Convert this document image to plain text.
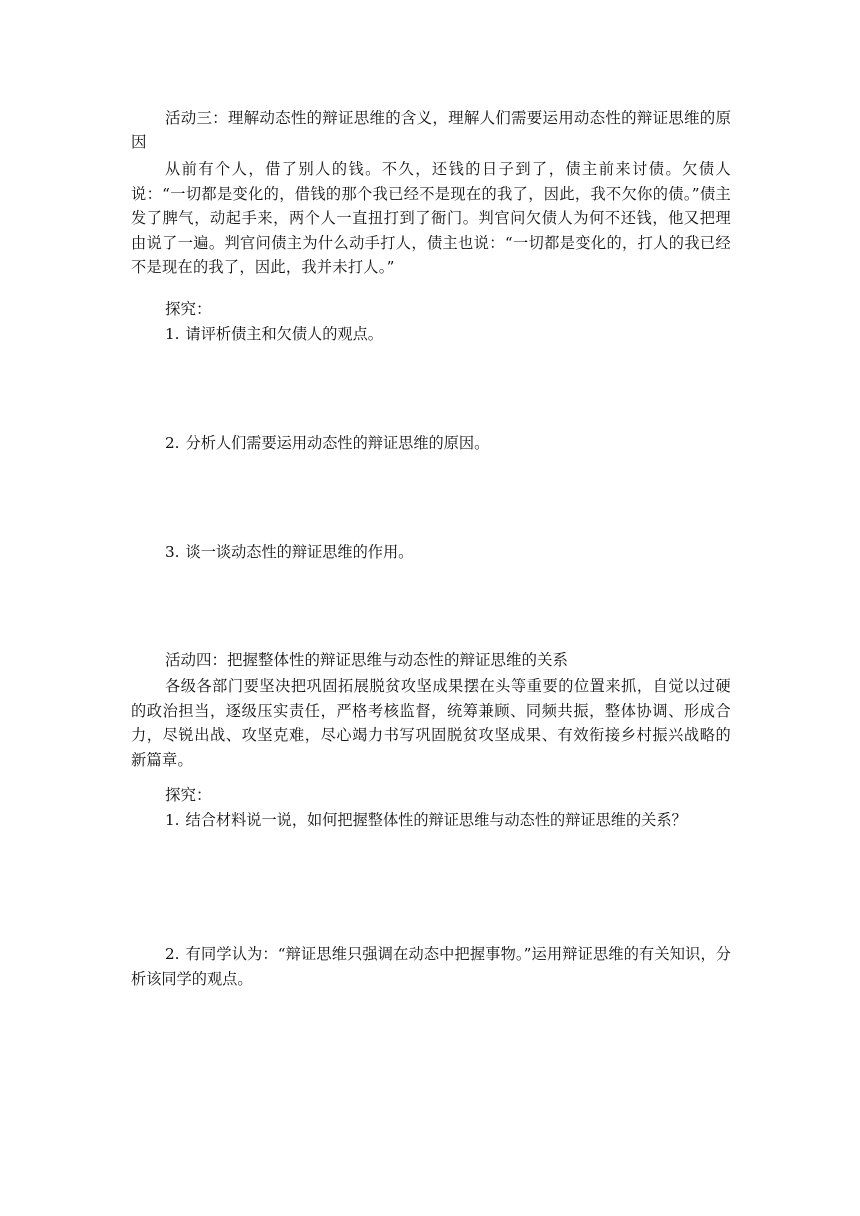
活动三：理解动态性的辩证思维的含义，理解人们需要运用动态性的辩证思维的原因

从前有个人，借了别人的钱。不久，还钱的日子到了，债主前来讨债。欠债人说：“一切都是变化的，借钱的那个我已经不是现在的我了，因此，我不欠你的债。”债主发了脾气，动起手来，两个人一直扭打到了衙门。判官问欠债人为何不还钱，他又把理由说了一遍。判官问债主为什么动手打人，债主也说：“一切都是变化的，打人的我已经不是现在的我了，因此，我并未打人。”

探究：

1. 请评析债主和欠债人的观点。

2. 分析人们需要运用动态性的辩证思维的原因。

3. 谈一谈动态性的辩证思维的作用。

活动四：把握整体性的辩证思维与动态性的辩证思维的关系

各级各部门要坚决把巩固拓展脱贫攻坚成果摆在头等重要的位置来抓，自觉以过硬的政治担当，逐级压实责任，严格考核监督，统筹兼顾、同频共振，整体协调、形成合力，尽锐出战、攻坚克难，尽心竭力书写巩固脱贫攻坚成果、有效衔接乡村振兴战略的新篇章。

探究：

1. 结合材料说一说，如何把握整体性的辩证思维与动态性的辩证思维的关系？

2. 有同学认为：“辩证思维只强调在动态中把握事物。”运用辩证思维的有关知识，分析该同学的观点。
